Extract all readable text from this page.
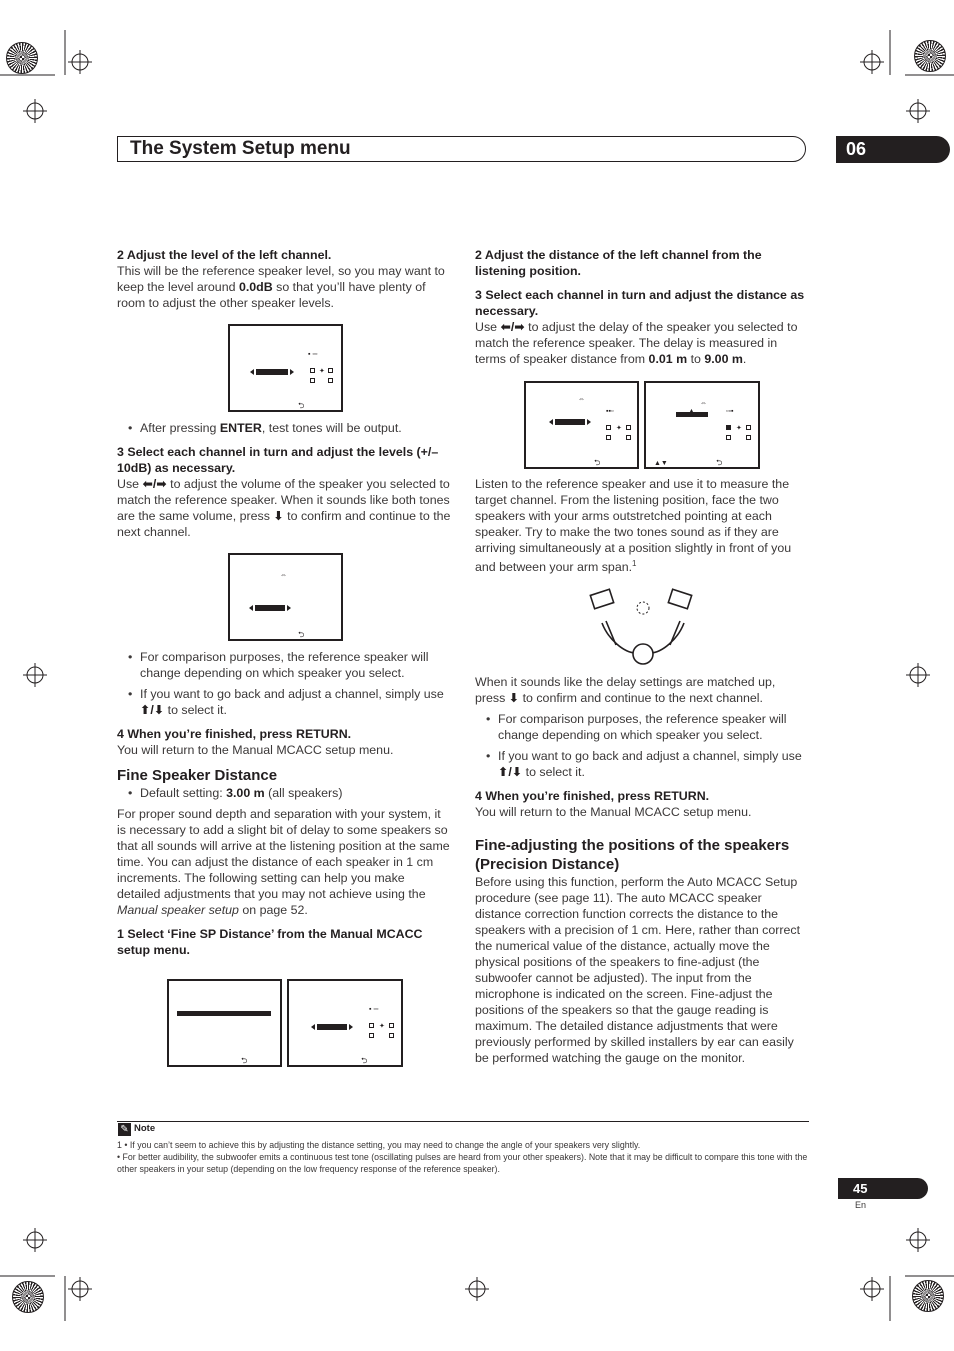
The System Setup menu	06

2 Adjust the level of the left channel.

This will be the reference speaker level, so you may want to keep the level around 0.0dB so that you’ll have plenty of room to adjust the other speaker levels.

▪ ▫▫
✦
⮌

• After pressing ENTER, test tones will be output.

3 Select each channel in turn and adjust the levels (+/–10dB) as necessary.

Use ⬅/➡ to adjust the volume of the speaker you selected to match the reference speaker. When it sounds like both tones are the same volume, press ⬇ to confirm and continue to the next channel.

⇔
⮌

• For comparison purposes, the reference speaker will change depending on which speaker you select.

• If you want to go back and adjust a channel, simply use ⬆/⬇ to select it.

4 When you’re finished, press RETURN.

You will return to the Manual MCACC setup menu.

Fine Speaker Distance

• Default setting: 3.00 m (all speakers)

For proper sound depth and separation with your system, it is necessary to add a slight bit of delay to some speakers so that all sounds will arrive at the listening position at the same time. You can adjust the distance of each speaker in 1 cm increments. The following setting can help you make detailed adjustments that you may not achieve using the Manual speaker setup on page 52.

1 Select ‘Fine SP Distance’ from the Manual MCACC setup menu.

⮌
▪ ▫▫
✦
⮌

2 Adjust the distance of the left channel from the listening position.

3 Select each channel in turn and adjust the distance as necessary.

Use ⬅/➡ to adjust the delay of the speaker you selected to match the reference speaker. The delay is measured in terms of speaker distance from 0.01 m to 9.00 m.

⇔
▪▪▫
✦
⮌
⇔
▫▫▪
✦
▲▼	⮌

Listen to the reference speaker and use it to measure the target channel. From the listening position, face the two speakers with your arms outstretched pointing at each speaker. Try to make the two tones sound as if they are arriving simultaneously at a position slightly in front of you and between your arm span.$^1$

When it sounds like the delay settings are matched up, press ⬇ to confirm and continue to the next channel.

• For comparison purposes, the reference speaker will change depending on which speaker you select.

• If you want to go back and adjust a channel, simply use ⬆/⬇ to select it.

4 When you’re finished, press RETURN.

You will return to the Manual MCACC setup menu.

Fine-adjusting the positions of the speakers (Precision Distance)

Before using this function, perform the Auto MCACC Setup procedure (see page 11). The auto MCACC speaker distance correction function corrects the distance to the speakers with a precision of 1 cm. Here, rather than correct the numerical value of the distance, actually move the physical positions of the speakers to fine-adjust (the subwoofer cannot be adjusted). The input from the microphone is indicated on the screen. Fine-adjust the positions of the speakers so that the gauge reading is maximum. The detailed distance adjustments that were previously performed by skilled installers by ear can easily be performed watching the gauge on the monitor.

✎ Note

1 • If you can’t seem to achieve this by adjusting the distance setting, you may need to change the angle of your speakers very slightly.

• For better audibility, the subwoofer emits a continuous test tone (oscillating pulses are heard from your other speakers). Note that it may be difficult to compare this tone with the other speakers in your setup (depending on the low frequency response of the reference speaker).

45
En
